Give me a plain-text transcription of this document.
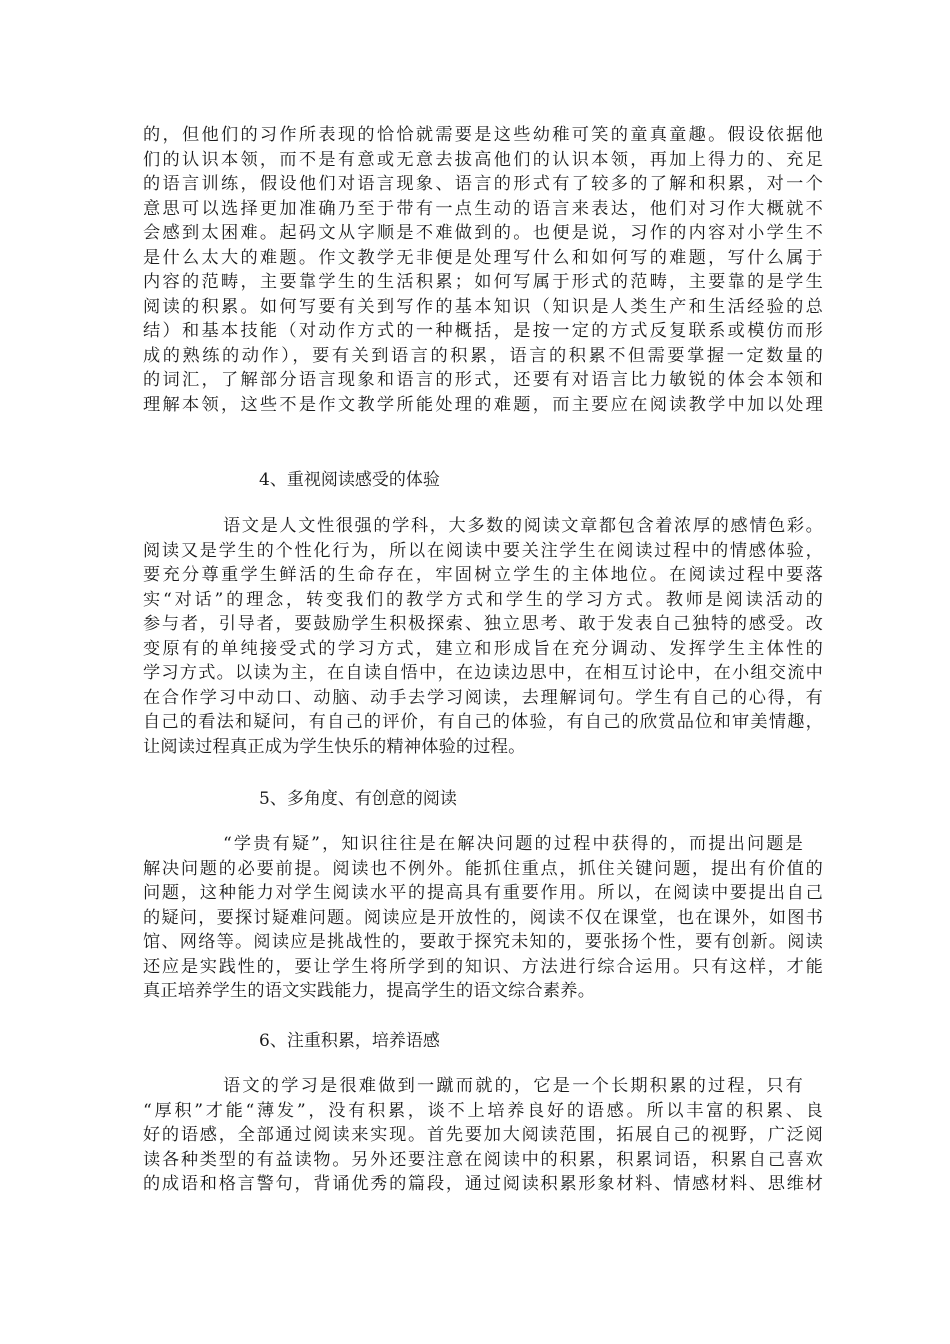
的，但他们的习作所表现的恰恰就需要是这些幼稚可笑的童真童趣。假设依据他
们的认识本领，而不是有意或无意去拔高他们的认识本领，再加上得力的、充足
的语言训练，假设他们对语言现象、语言的形式有了较多的了解和积累，对一个
意思可以选择更加准确乃至于带有一点生动的语言来表达，他们对习作大概就不
会感到太困难。起码文从字顺是不难做到的。也便是说，习作的内容对小学生不
是什么太大的难题。作文教学无非便是处理写什么和如何写的难题，写什么属于
内容的范畴，主要靠学生的生活积累；如何写属于形式的范畴，主要靠的是学生
阅读的积累。如何写要有关到写作的基本知识（知识是人类生产和生活经验的总
结）和基本技能（对动作方式的一种概括，是按一定的方式反复联系或模仿而形
成的熟练的动作），要有关到语言的积累，语言的积累不但需要掌握一定数量的
的词汇，了解部分语言现象和语言的形式，还要有对语言比力敏锐的体会本领和
理解本领，这些不是作文教学所能处理的难题，而主要应在阅读教学中加以处理
4、重视阅读感受的体验
语文是人文性很强的学科，大多数的阅读文章都包含着浓厚的感情色彩。
阅读又是学生的个性化行为，所以在阅读中要关注学生在阅读过程中的情感体验，
要充分尊重学生鲜活的生命存在，牢固树立学生的主体地位。在阅读过程中要落
实“对话”的理念，转变我们的教学方式和学生的学习方式。教师是阅读活动的
参与者，引导者，要鼓励学生积极探索、独立思考、敢于发表自己独特的感受。改
变原有的单纯接受式的学习方式，建立和形成旨在充分调动、发挥学生主体性的
学习方式。以读为主，在自读自悟中，在边读边思中，在相互讨论中，在小组交流中
在合作学习中动口、动脑、动手去学习阅读，去理解词句。学生有自己的心得，有
自己的看法和疑问，有自己的评价，有自己的体验，有自己的欣赏品位和审美情趣，
让阅读过程真正成为学生快乐的精神体验的过程。
5、多角度、有创意的阅读
“学贵有疑”，知识往往是在解决问题的过程中获得的，而提出问题是
解决问题的必要前提。阅读也不例外。能抓住重点，抓住关键问题，提出有价值的
问题，这种能力对学生阅读水平的提高具有重要作用。所以，在阅读中要提出自己
的疑问，要探讨疑难问题。阅读应是开放性的，阅读不仅在课堂，也在课外，如图书
馆、网络等。阅读应是挑战性的，要敢于探究未知的，要张扬个性，要有创新。阅读
还应是实践性的，要让学生将所学到的知识、方法进行综合运用。只有这样，才能
真正培养学生的语文实践能力，提高学生的语文综合素养。
6、注重积累，培养语感
语文的学习是很难做到一蹴而就的，它是一个长期积累的过程，只有
“厚积”才能“薄发”，没有积累，谈不上培养良好的语感。所以丰富的积累、良
好的语感，全部通过阅读来实现。首先要加大阅读范围，拓展自己的视野，广泛阅
读各种类型的有益读物。另外还要注意在阅读中的积累，积累词语，积累自己喜欢
的成语和格言警句，背诵优秀的篇段，通过阅读积累形象材料、情感材料、思维材
